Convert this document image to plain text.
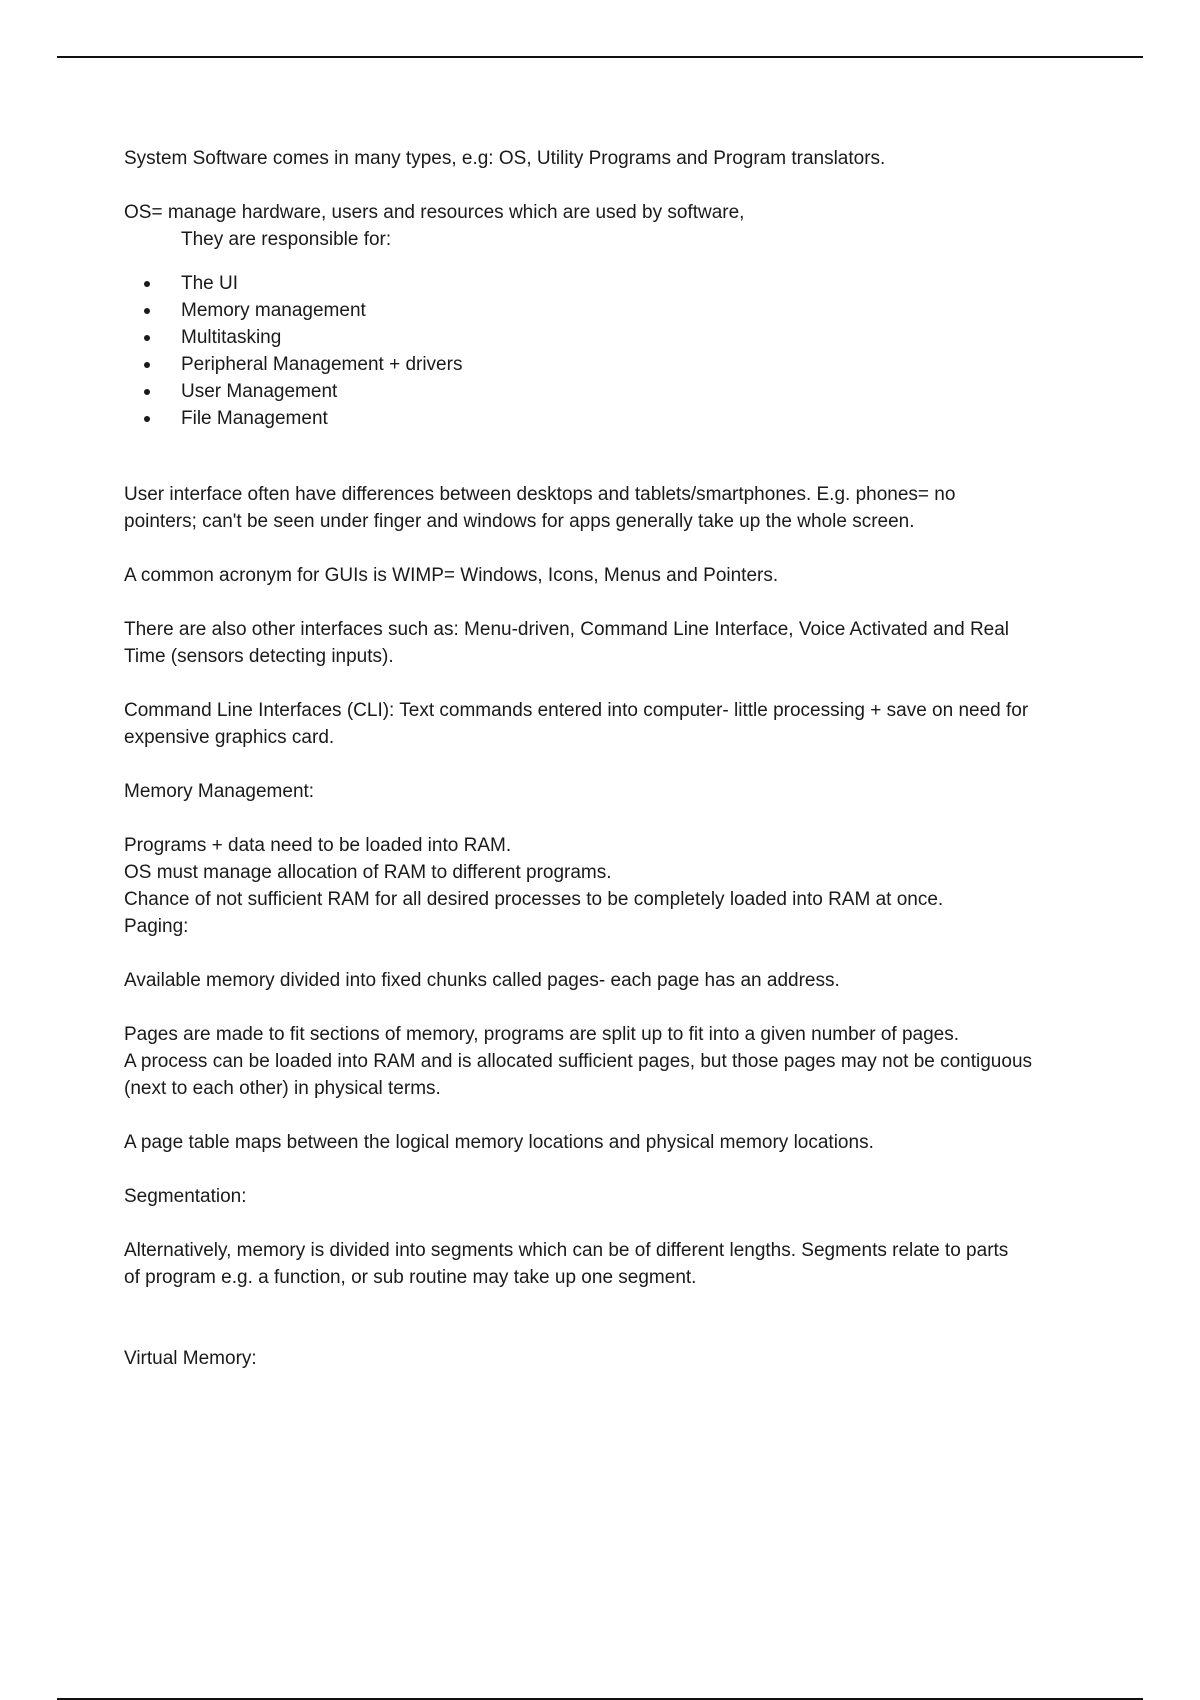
System Software comes in many types, e.g: OS, Utility Programs and Program translators.

OS= manage hardware, users and resources which are used by software,

They are responsible for:

The UI
Memory management
Multitasking
Peripheral Management + drivers
User Management
File Management

User interface often have differences between desktops and tablets/smartphones. E.g. phones= no

pointers; can't be seen under finger and windows for apps generally take up the whole screen.

A common acronym for GUIs is WIMP= Windows, Icons, Menus and Pointers.

There are also other interfaces such as: Menu-driven, Command Line Interface, Voice Activated and Real

Time (sensors detecting inputs).

Command Line Interfaces (CLI): Text commands entered into computer- little processing + save on need for

expensive graphics card.

Memory Management:

Programs + data need to be loaded into RAM.

OS must manage allocation of RAM to different programs.

Chance of not sufficient RAM for all desired processes to be completely loaded into RAM at once.

Paging:

Available memory divided into fixed chunks called pages- each page has an address.

Pages are made to fit sections of memory, programs are split up to fit into a given number of pages.

A process can be loaded into RAM and is allocated sufficient pages, but those pages may not be contiguous

(next to each other) in physical terms.

A page table maps between the logical memory locations and physical memory locations.

Segmentation:

Alternatively, memory is divided into segments which can be of different lengths. Segments relate to parts

of program e.g. a function, or sub routine may take up one segment.

Virtual Memory:
